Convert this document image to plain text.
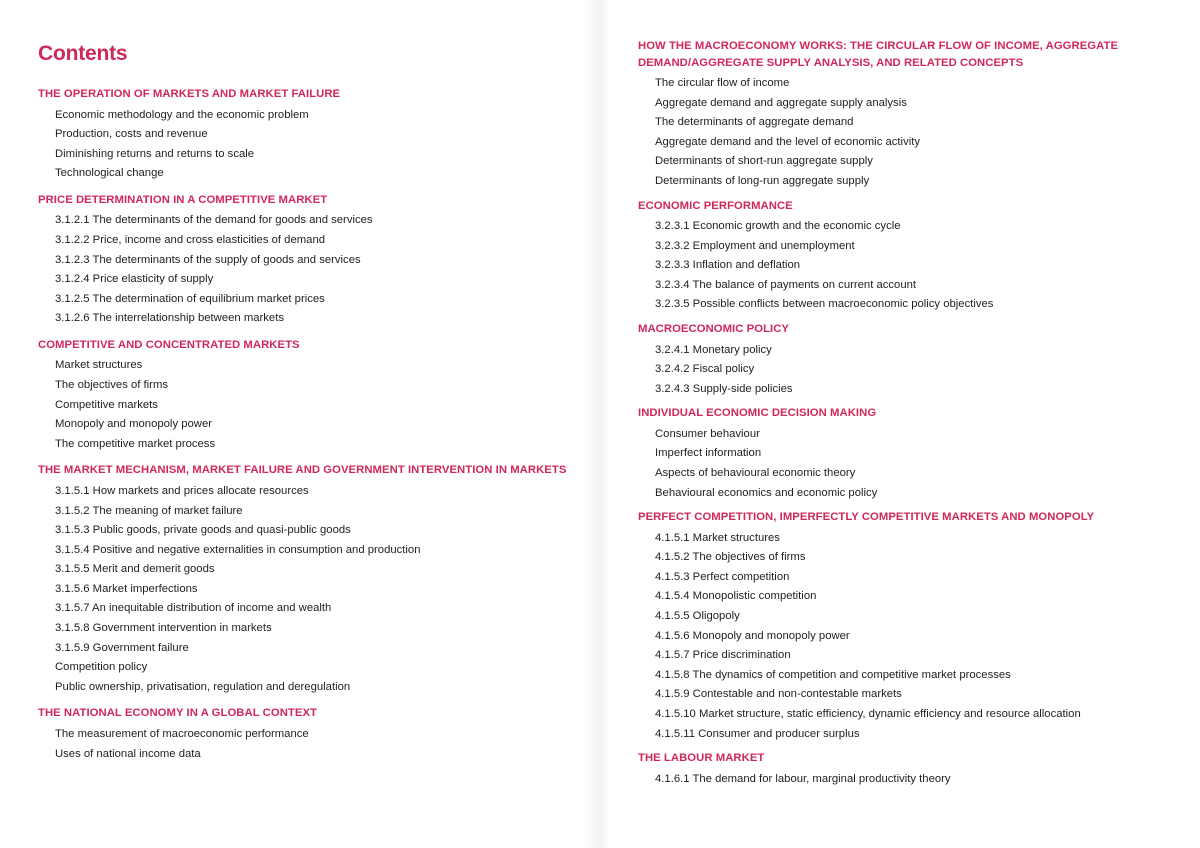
Contents
THE OPERATION OF MARKETS AND MARKET FAILURE
Economic methodology and the economic problem
Production, costs and revenue
Diminishing returns and returns to scale
Technological change
PRICE DETERMINATION IN A COMPETITIVE MARKET
3.1.2.1 The determinants of the demand for goods and services
3.1.2.2 Price, income and cross elasticities of demand
3.1.2.3 The determinants of the supply of goods and services
3.1.2.4 Price elasticity of supply
3.1.2.5 The determination of equilibrium market prices
3.1.2.6 The interrelationship between markets
COMPETITIVE AND CONCENTRATED MARKETS
Market structures
The objectives of firms
Competitive markets
Monopoly and monopoly power
The competitive market process
THE MARKET MECHANISM, MARKET FAILURE AND GOVERNMENT INTERVENTION IN MARKETS
3.1.5.1 How markets and prices allocate resources
3.1.5.2 The meaning of market failure
3.1.5.3 Public goods, private goods and quasi-public goods
3.1.5.4 Positive and negative externalities in consumption and production
3.1.5.5 Merit and demerit goods
3.1.5.6 Market imperfections
3.1.5.7 An inequitable distribution of income and wealth
3.1.5.8 Government intervention in markets
3.1.5.9 Government failure
Competition policy
Public ownership, privatisation, regulation and deregulation
THE NATIONAL ECONOMY IN A GLOBAL CONTEXT
The measurement of macroeconomic performance
Uses of national income data
HOW THE MACROECONOMY WORKS: THE CIRCULAR FLOW OF INCOME, AGGREGATE DEMAND/AGGREGATE SUPPLY ANALYSIS, AND RELATED CONCEPTS
The circular flow of income
Aggregate demand and aggregate supply analysis
The determinants of aggregate demand
Aggregate demand and the level of economic activity
Determinants of short-run aggregate supply
Determinants of long-run aggregate supply
ECONOMIC PERFORMANCE
3.2.3.1 Economic growth and the economic cycle
3.2.3.2 Employment and unemployment
3.2.3.3 Inflation and deflation
3.2.3.4 The balance of payments on current account
3.2.3.5 Possible conflicts between macroeconomic policy objectives
MACROECONOMIC POLICY
3.2.4.1 Monetary policy
3.2.4.2 Fiscal policy
3.2.4.3 Supply-side policies
INDIVIDUAL ECONOMIC DECISION MAKING
Consumer behaviour
Imperfect information
Aspects of behavioural economic theory
Behavioural economics and economic policy
PERFECT COMPETITION, IMPERFECTLY COMPETITIVE MARKETS AND MONOPOLY
4.1.5.1 Market structures
4.1.5.2 The objectives of firms
4.1.5.3 Perfect competition
4.1.5.4 Monopolistic competition
4.1.5.5 Oligopoly
4.1.5.6 Monopoly and monopoly power
4.1.5.7 Price discrimination
4.1.5.8 The dynamics of competition and competitive market processes
4.1.5.9 Contestable and non-contestable markets
4.1.5.10 Market structure, static efficiency, dynamic efficiency and resource allocation
4.1.5.11 Consumer and producer surplus
THE LABOUR MARKET
4.1.6.1 The demand for labour, marginal productivity theory
